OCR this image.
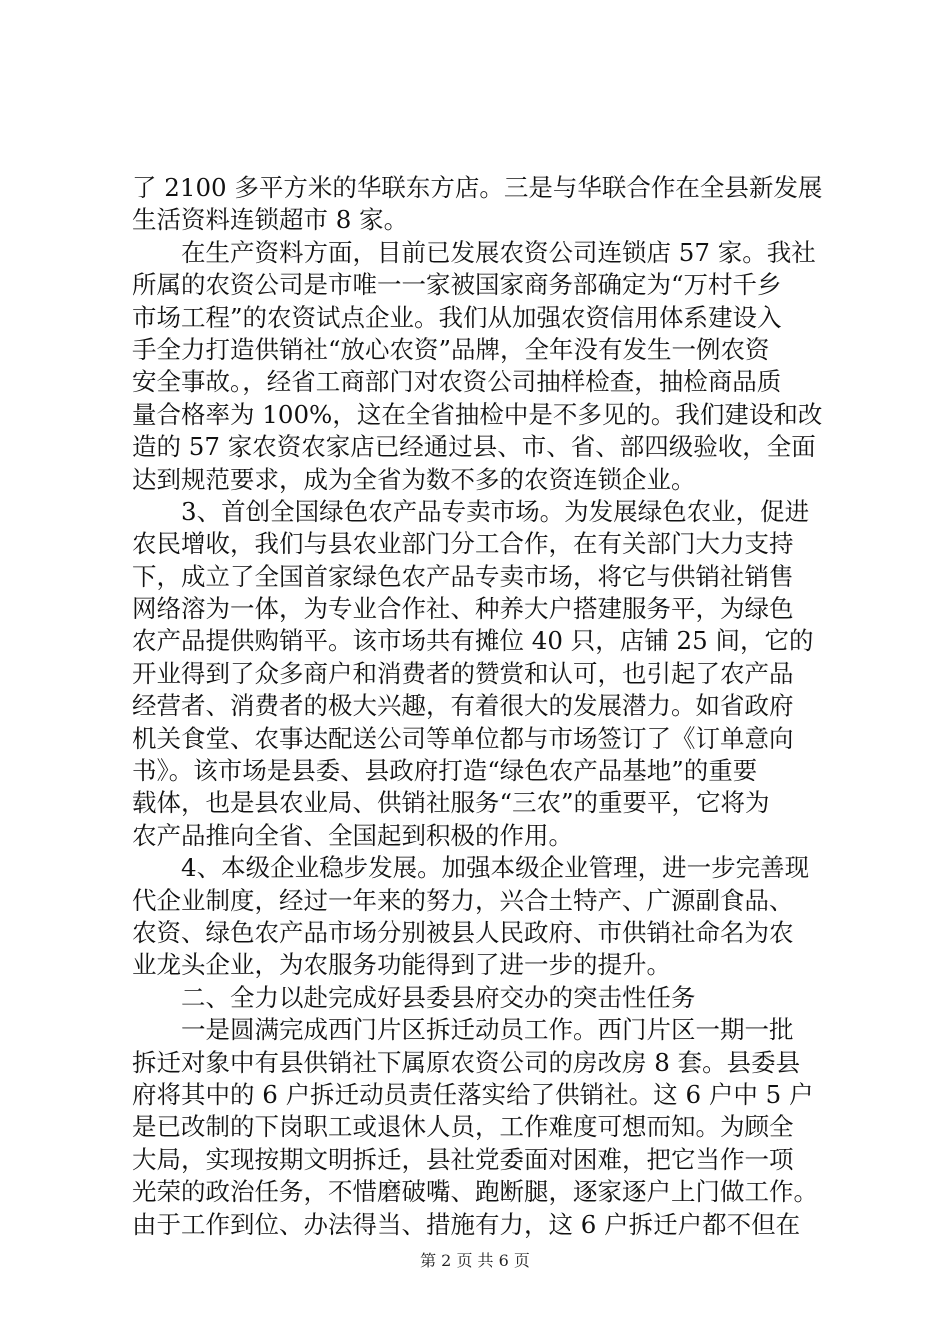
了 2100 多平方米的华联东方店。三是与华联合作在全县新发展
生活资料连锁超市 8 家。
在生产资料方面，目前已发展农资公司连锁店 57 家。我社
所属的农资公司是市唯一一家被国家商务部确定为“万村千乡
市场工程”的农资试点企业。我们从加强农资信用体系建设入
手全力打造供销社“放心农资”品牌，全年没有发生一例农资
安全事故。，经省工商部门对农资公司抽样检查，抽检商品质
量合格率为 100%，这在全省抽检中是不多见的。我们建设和改
造的 57 家农资农家店已经通过县、市、省、部四级验收，全面
达到规范要求，成为全省为数不多的农资连锁企业。
3、首创全国绿色农产品专卖市场。为发展绿色农业，促进
农民增收，我们与县农业部门分工合作，在有关部门大力支持
下，成立了全国首家绿色农产品专卖市场，将它与供销社销售
网络溶为一体，为专业合作社、种养大户搭建服务平，为绿色
农产品提供购销平。该市场共有摊位 40 只，店铺 25 间，它的
开业得到了众多商户和消费者的赞赏和认可，也引起了农产品
经营者、消费者的极大兴趣，有着很大的发展潜力。如省政府
机关食堂、农事达配送公司等单位都与市场签订了《订单意向
书》。该市场是县委、县政府打造“绿色农产品基地”的重要
载体，也是县农业局、供销社服务“三农”的重要平，它将为
农产品推向全省、全国起到积极的作用。
4、本级企业稳步发展。加强本级企业管理，进一步完善现
代企业制度，经过一年来的努力，兴合土特产、广源副食品、
农资、绿色农产品市场分别被县人民政府、市供销社命名为农
业龙头企业，为农服务功能得到了进一步的提升。
二、全力以赴完成好县委县府交办的突击性任务
一是圆满完成西门片区拆迁动员工作。西门片区一期一批
拆迁对象中有县供销社下属原农资公司的房改房 8 套。县委县
府将其中的 6 户拆迁动员责任落实给了供销社。这 6 户中 5 户
是已改制的下岗职工或退休人员，工作难度可想而知。为顾全
大局，实现按期文明拆迁，县社党委面对困难，把它当作一项
光荣的政治任务，不惜磨破嘴、跑断腿，逐家逐户上门做工作。
由于工作到位、办法得当、措施有力，这 6 户拆迁户都不但在
第 2 页 共 6 页
